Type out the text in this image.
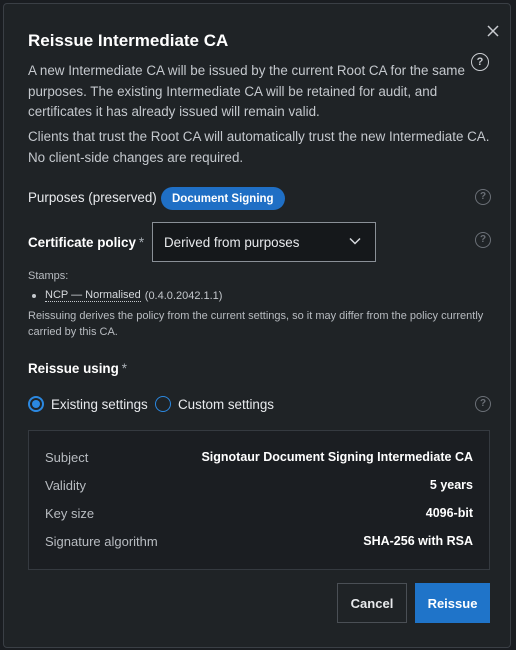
Reissue Intermediate CA
?

A new Intermediate CA will be issued by the current Root CA for the same purposes. The existing Intermediate CA will be retained for audit, and certificates it has already issued will remain valid.

Clients that trust the Root CA will automatically trust the new Intermediate CA. No client-side changes are required.

Purposes (preserved)	Document Signing	?
Certificate policy * Derived from purposes	?

Stamps:

NCP — Normalised (0.4.0.2042.1.1)

Reissuing derives the policy from the current settings, so it may differ from the policy currently carried by this CA.

Reissue using *
Existing settings Custom settings	?
Subject	Signotaur Document Signing Intermediate CA
Validity	5 years
Key size	4096-bit
Signature algorithm	SHA-256 with RSA
Cancel	Reissue
